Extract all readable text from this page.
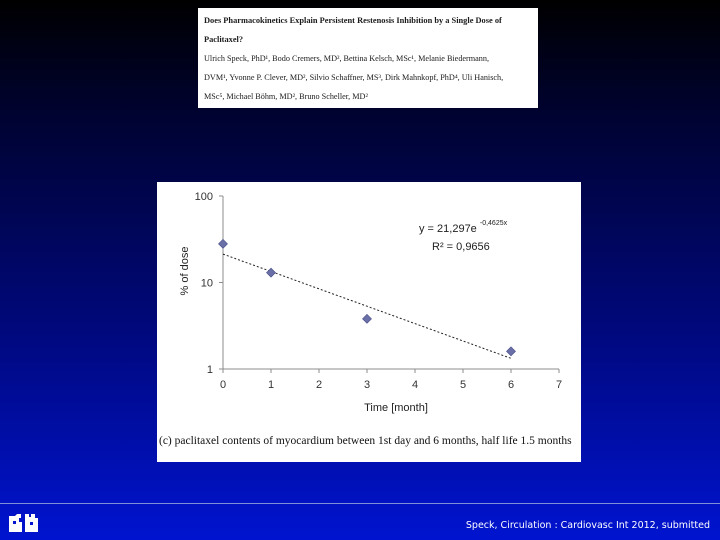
Does Pharmacokinetics Explain Persistent Restenosis Inhibition by a Single Dose of
Paclitaxel?
Ulrich Speck, PhD¹, Bodo Cremers, MD², Bettina Kelsch, MSc¹, Melanie Biedermann,
DVM¹, Yvonne P. Clever, MD², Silvio Schaffner, MS³, Dirk Mahnkopf, PhD⁴, Uli Hanisch,
MSc⁵, Michael Böhm, MD², Bruno Scheller, MD²
0	1	2	3	4	5	6	7
1
10
100
% of dose
Time [month]
y = 21,297e $^{-0,4625x}$
R² = 0,9656
(c) paclitaxel contents of myocardium between 1st day and 6 months, half life 1.5 months
Speck, Circulation : Cardiovasc Int 2012, submitted
